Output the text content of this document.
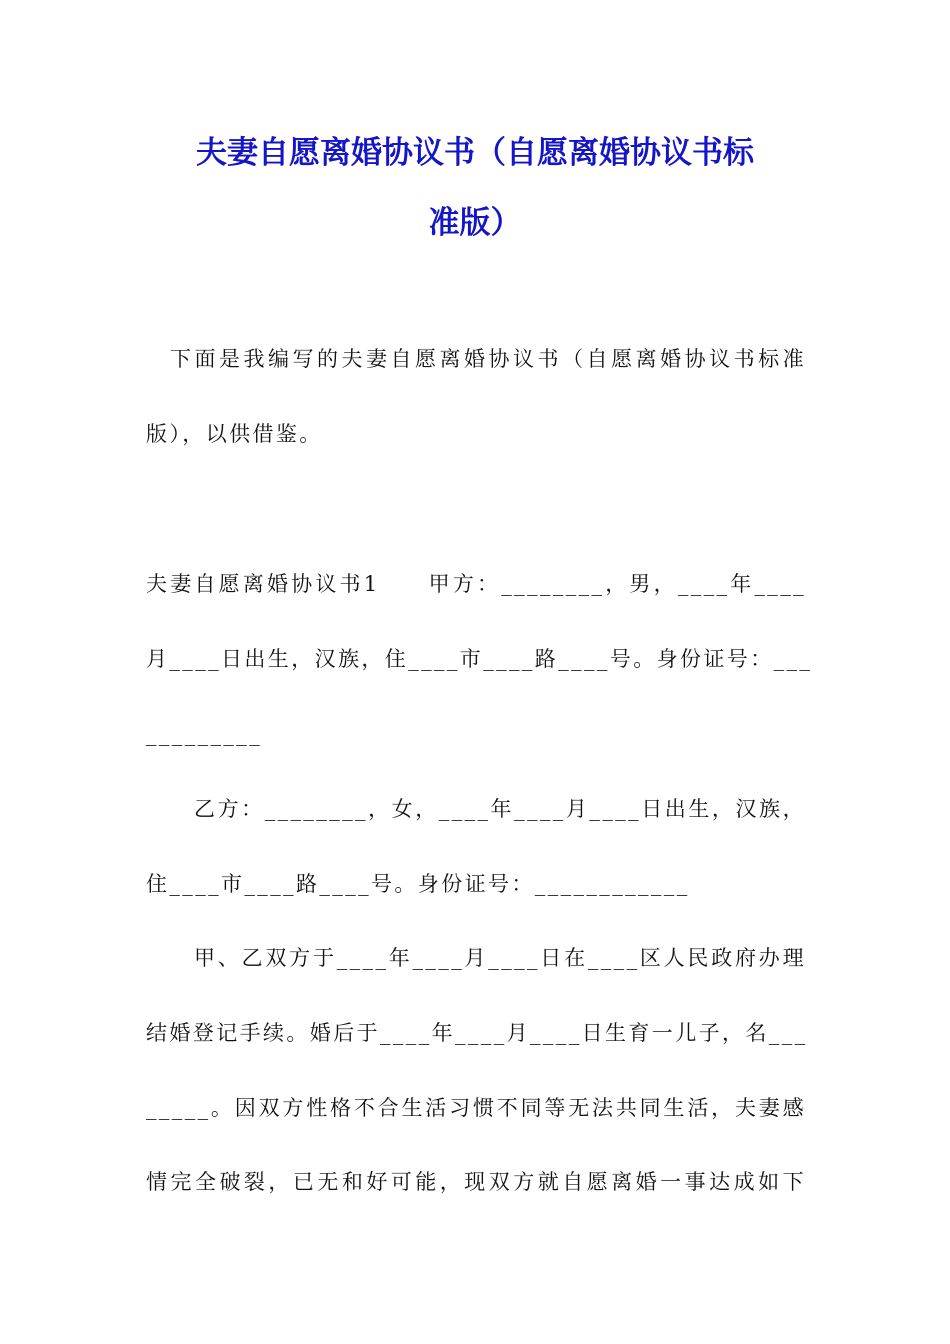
夫妻自愿离婚协议书（自愿离婚协议书标
准版）
下面是我编写的夫妻自愿离婚协议书（自愿离婚协议书标准
版），以供借鉴。
夫妻自愿离婚协议书1　　甲方：________，男，____年____
月____日出生，汉族，住____市____路____号。身份证号：___
_________
乙方：________，女，____年____月____日出生，汉族，
住____市____路____号。身份证号：____________
甲、乙双方于____年____月____日在____区人民政府办理
结婚登记手续。婚后于____年____月____日生育一儿子，名___
_____。因双方性格不合生活习惯不同等无法共同生活，夫妻感
情完全破裂，已无和好可能，现双方就自愿离婚一事达成如下
